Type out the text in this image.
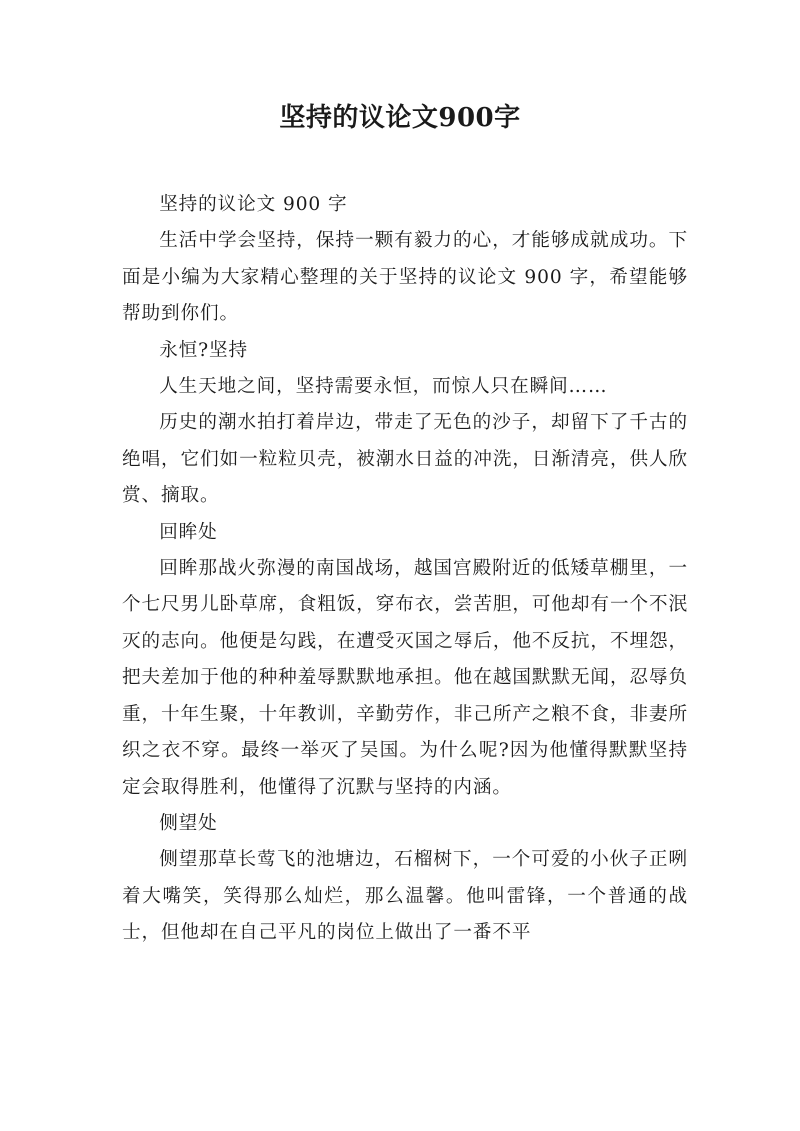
坚持的议论文900字

坚持的议论文 900 字

生活中学会坚持，保持一颗有毅力的心，才能够成就成功。下面是小编为大家精心整理的关于坚持的议论文 900 字，希望能够帮助到你们。

永恒?坚持

人生天地之间，坚持需要永恒，而惊人只在瞬间……

历史的潮水拍打着岸边，带走了无色的沙子，却留下了千古的绝唱，它们如一粒粒贝壳，被潮水日益的冲洗，日渐清亮，供人欣赏、摘取。

回眸处

回眸那战火弥漫的南国战场，越国宫殿附近的低矮草棚里，一个七尺男儿卧草席，食粗饭，穿布衣，尝苦胆，可他却有一个不泯灭的志向。他便是勾践，在遭受灭国之辱后，他不反抗，不埋怨，把夫差加于他的种种羞辱默默地承担。他在越国默默无闻，忍辱负重，十年生聚，十年教训，辛勤劳作，非己所产之粮不食，非妻所织之衣不穿。最终一举灭了吴国。为什么呢?因为他懂得默默坚持定会取得胜利，他懂得了沉默与坚持的内涵。

侧望处

侧望那草长莺飞的池塘边，石榴树下，一个可爱的小伙子正咧着大嘴笑，笑得那么灿烂，那么温馨。他叫雷锋，一个普通的战士，但他却在自己平凡的岗位上做出了一番不平
